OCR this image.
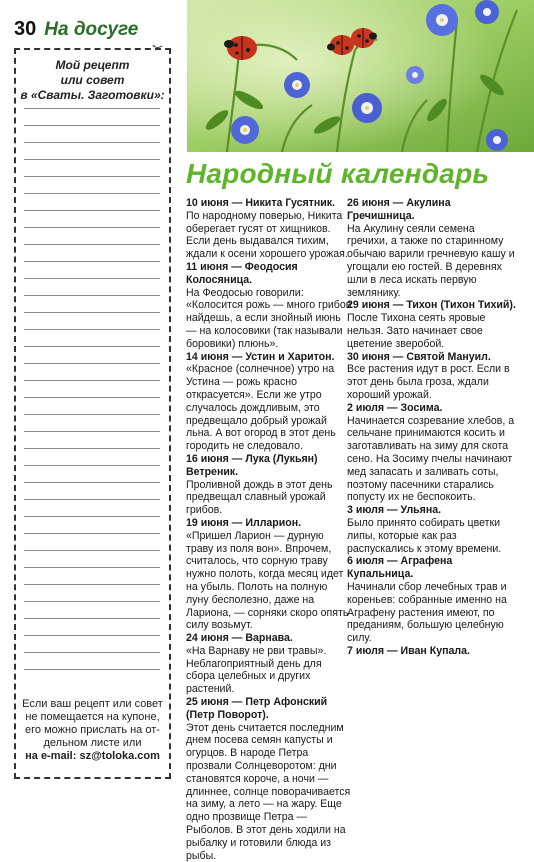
30 На досуге
Мой рецепт
или совет
в «Сваты. Заготовки»:
Если ваш рецепт или совет
не помещается на купоне,
его можно прислать на от-
дельном листе или
на e-mail: sz@toloka.com
Народный календарь

10 июня — Никита Гусятник.
По народному поверью, Никита оберегает гусят от хищников. Если день выдавался тихим, ждали к осени хорошего урожая.

11 июня — Феодосия Колосяница.
На Феодосью говорили: «Колосится рожь — много грибов найдешь, а если знойный июнь — на колосовики (так называли боровики) плюнь».

14 июня — Устин и Харитон.
«Красное (солнечное) утро на Устина — рожь красно открасуется». Если же утро случалось дождливым, это предвещало добрый урожай льна. А вот огород в этот день городить не следовало.

16 июня — Лука (Лукьян) Ветреник.
Проливной дождь в этот день предвещал славный урожай грибов.

19 июня — Илларион.
«Пришел Ларион — дурную траву из поля вон». Впрочем, считалось, что сорную траву нужно полоть, когда месяц идет на убыль. Полоть на полную луну бесполезно, даже на Лариона, — сорняки скоро опять силу возьмут.

24 июня — Варнава.
«На Варнаву не рви травы». Неблагоприятный день для сбора целебных и других растений.

25 июня — Петр Афонский (Петр Поворот).
Этот день считается последним днем посева семян капусты и огурцов. В народе Петра прозвали Солнцеворотом: дни становятся короче, а ночи — длиннее, солнце поворачивается на зиму, а лето — на жару. Еще одно прозвище Петра — Рыболов. В этот день ходили на рыбалку и готовили блюда из рыбы.

26 июня — Акулина Гречишница.
На Акулину сеяли семена гречихи, а также по старинному обычаю варили гречневую кашу и угощали ею гостей. В деревнях шли в леса искать первую землянику.

29 июня — Тихон (Тихон Тихий).
После Тихона сеять яровые нельзя. Зато начинает свое цветение зверобой.

30 июня — Святой Мануил.
Все растения идут в рост. Если в этот день была гроза, ждали хороший урожай.

2 июля — Зосима.
Начинается созревание хлебов, а сельчане принимаются косить и заготавливать на зиму для скота сено. На Зосиму пчелы начинают мед запасать и заливать соты, поэтому пасечники старались попусту их не беспокоить.

3 июля — Ульяна.
Было принято собирать цветки липы, которые как раз распускались к этому времени.

6 июля — Аграфена Купальница.
Начинали сбор лечебных трав и кореньев: собранные именно на Аграфену растения имеют, по преданиям, большую целебную силу.

7 июля — Иван Купала.
